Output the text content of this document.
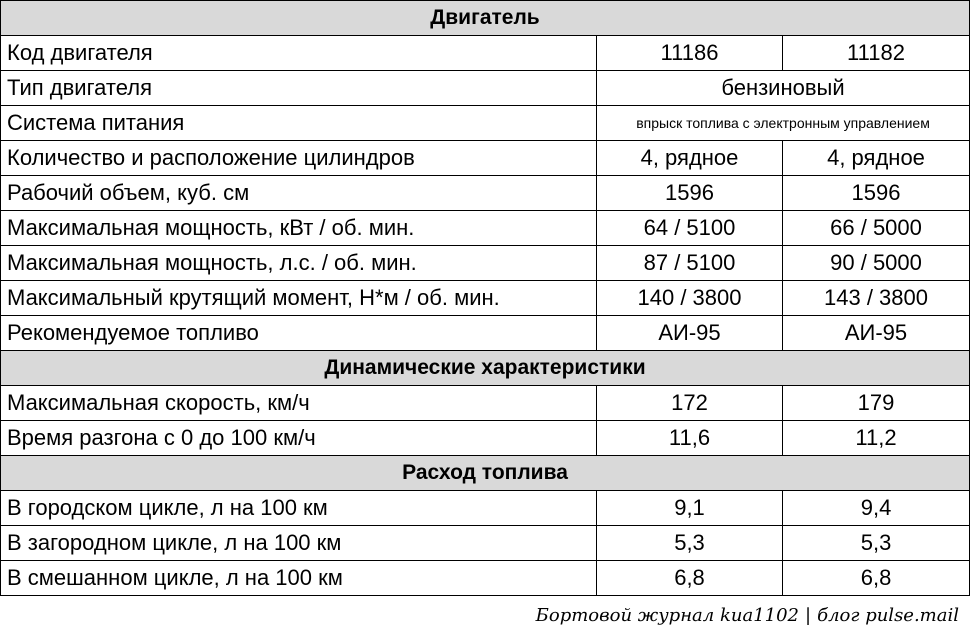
Двигатель		
Код двигателя	11186	11182
Тип двигателя	бензиновый	
Система питания	впрыск топлива с электронным управлением	
Количество и расположение цилиндров	4, рядное	4, рядное
Рабочий объем, куб. см	1596	1596
Максимальная мощность, кВт / об. мин.	64 / 5100	66 / 5000
Максимальная мощность, л.с. / об. мин.	87 / 5100	90 / 5000
Максимальный крутящий момент, Н*м / об. мин.	140 / 3800	143 / 3800
Рекомендуемое топливо	АИ-95	АИ-95
Динамические характеристики		
Максимальная скорость, км/ч	172	179
Время разгона с 0 до 100 км/ч	11,6	11,2
Расход топлива		
В городском цикле, л на 100 км	9,1	9,4
В загородном цикле, л на 100 км	5,3	5,3
В смешанном цикле, л на 100 км	6,8	6,8
Бортовой журнал kиa1102 | блог pulse.mail
